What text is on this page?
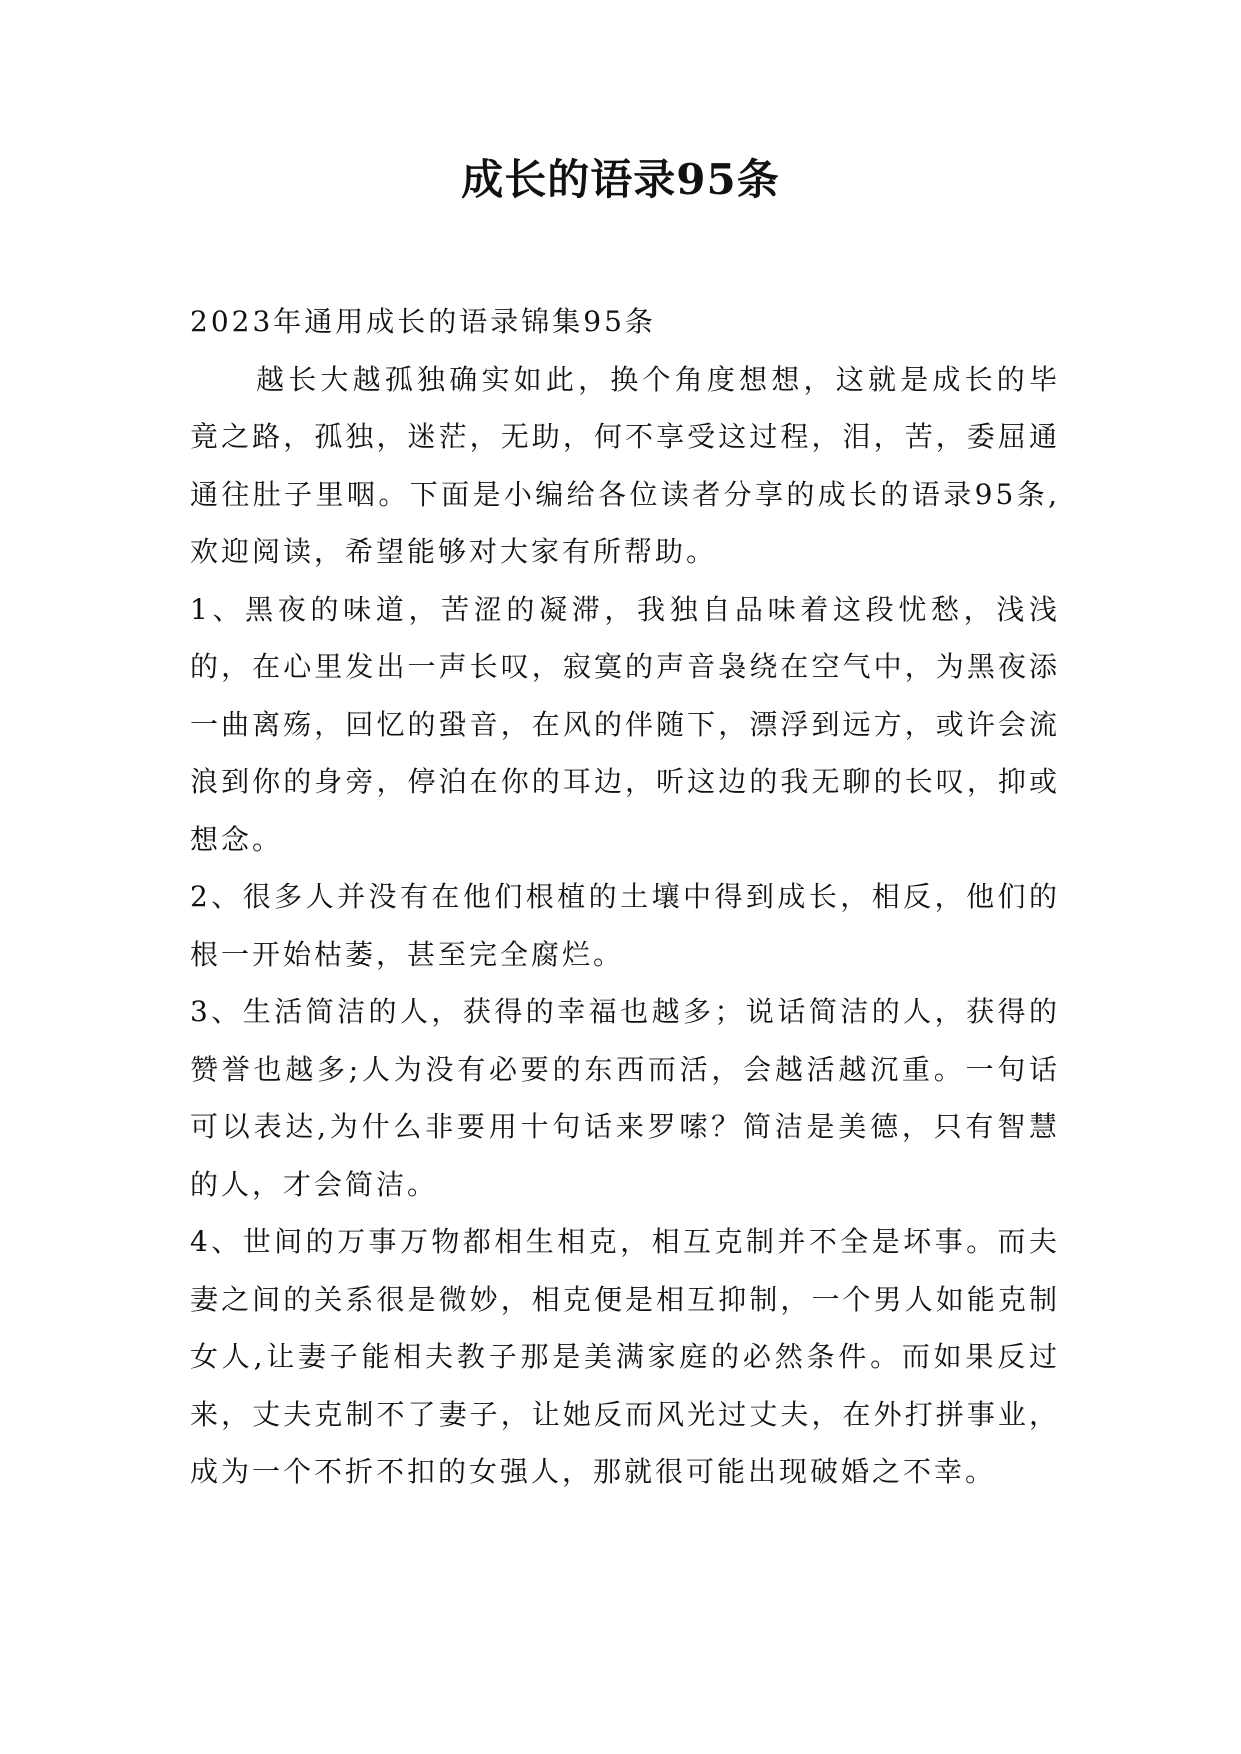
成长的语录95条

2023年通用成长的语录锦集95条

越长大越孤独确实如此，换个角度想想，这就是成长的毕竟之路，孤独，迷茫，无助，何不享受这过程，泪，苦，委屈通通往肚子里咽。下面是小编给各位读者分享的成长的语录95条,欢迎阅读，希望能够对大家有所帮助。

1、黑夜的味道，苦涩的凝滞，我独自品味着这段忧愁，浅浅的，在心里发出一声长叹，寂寞的声音袅绕在空气中，为黑夜添一曲离殇，回忆的蛩音，在风的伴随下，漂浮到远方，或许会流浪到你的身旁，停泊在你的耳边，听这边的我无聊的长叹，抑或想念。

2、很多人并没有在他们根植的土壤中得到成长，相反，他们的根一开始枯萎，甚至完全腐烂。

3、生活简洁的人，获得的幸福也越多；说话简洁的人，获得的赞誉也越多;人为没有必要的东西而活，会越活越沉重。一句话可以表达,为什么非要用十句话来罗嗦？简洁是美德，只有智慧的人，才会简洁。

4、世间的万事万物都相生相克，相互克制并不全是坏事。而夫妻之间的关系很是微妙，相克便是相互抑制，一个男人如能克制女人,让妻子能相夫教子那是美满家庭的必然条件。而如果反过来，丈夫克制不了妻子，让她反而风光过丈夫，在外打拼事业，成为一个不折不扣的女强人，那就很可能出现破婚之不幸。
